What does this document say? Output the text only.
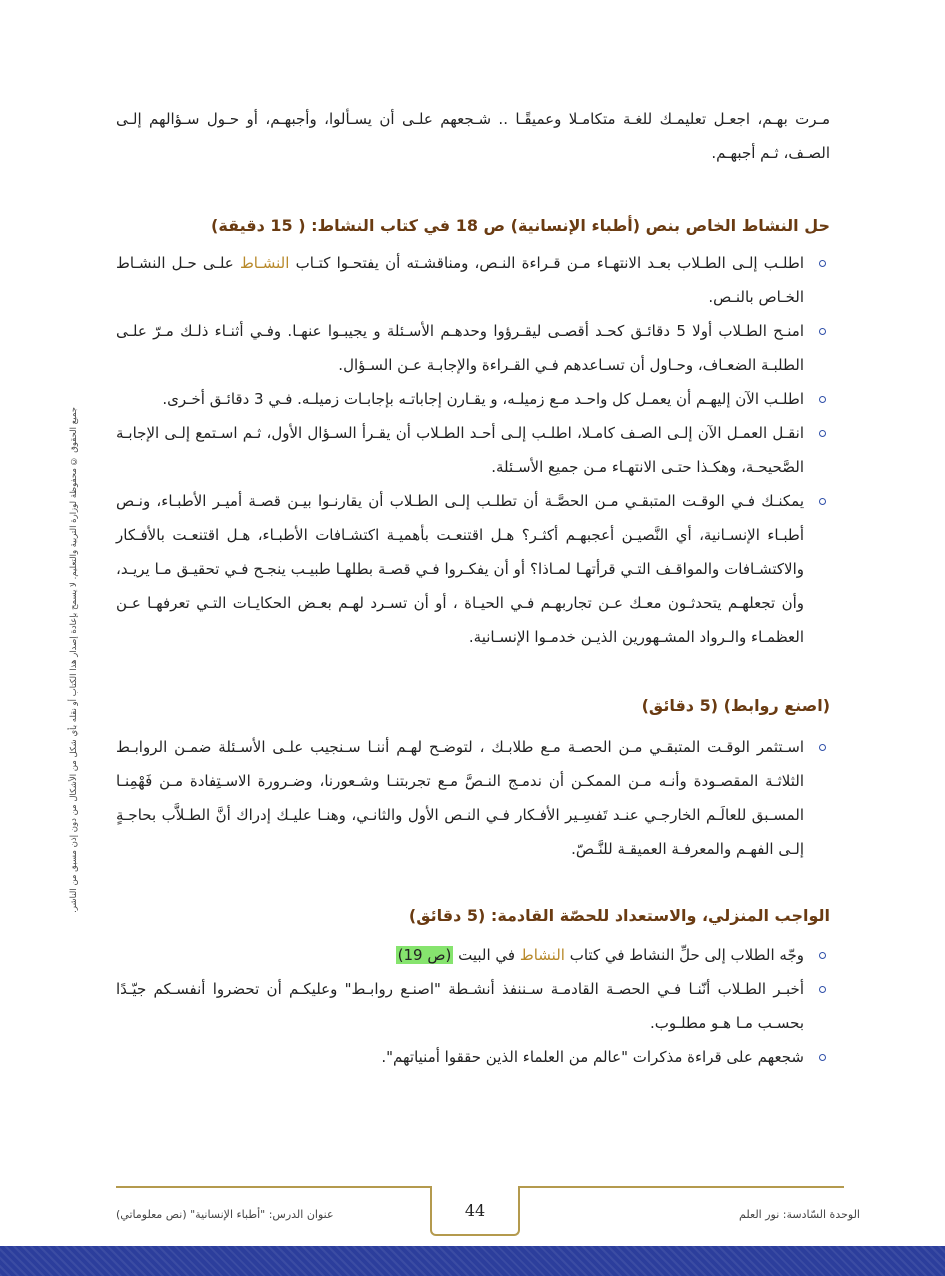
جميع الحقوق © محفوظة لوزارة التربية والتعليم. لا يسمح بإعادة إصدار هذا الكتاب أو نقله بأي شكل من الأشكال من دون إذن مسبق من الناشر.

مـرت بهـم، اجعـل تعليمـك للغـة متكامـلا وعميقًـا .. شـجعهم علـى أن يسـألوا، وأجبهـم، أو حـول سـؤالهم إلـى الصـف، ثـم أجبهـم.

حل النشاط الخاص بنص (أطباء الإنسانية) ص 18 في كتاب النشاط: ( 15 دقيقة)
اطلـب إلـى الطـلاب بعـد الانتهـاء مـن قـراءة النـص، ومناقشـته أن يفتحـوا كتـاب النشـاط علـى حـل النشـاط الخـاص بالنـص.
امنـح الطـلاب أولا 5 دقائـق كحـد أقصـى ليقـرؤوا وحدهـم الأسـئلة و يجيبـوا عنهـا. وفـي أثنـاء ذلـك مـرّ علـى الطلبـة الضعـاف، وحـاول أن تسـاعدهم فـي القـراءة والإجابـة عـن السـؤال.
اطلـب الآن إليهـم أن يعمـل كل واحـد مـع زميلـه، و يقـارن إجاباتـه بإجابـات زميلـه. فـي 3 دقائـق أخـرى.
انقـل العمـل الآن إلـى الصـف كامـلا، اطلـب إلـى أحـد الطـلاب أن يقـرأ السـؤال الأول، ثـم اسـتمع إلـى الإجابـة الصَّحيحـة، وهكـذا حتـى الانتهـاء مـن جميع الأسـئلة.
يمكنـك فـي الوقـت المتبقـي مـن الحصَّـة أن تطلـب إلـى الطـلاب أن يقارنـوا بيـن قصـة أميـر الأطبـاء، ونـص أطبـاء الإنسـانية، أي النَّصيـن أعجبهـم أكثـر؟ هـل اقتنعـت بأهميـة اكتشـافات الأطبـاء، هـل اقتنعـت بالأفـكار والاكتشـافات والمواقـف التـي قرأتهـا لمـاذا؟ أو أن يفكـروا فـي قصـة بطلهـا طبيـب ينجـح فـي تحقيـق مـا يريـد، وأن تجعلهـم يتحدثـون معـك عـن تجاربهـم فـي الحيـاة ، أو أن تسـرد لهـم بعـض الحكايـات التـي تعرفهـا عـن العظمـاء والـرواد المشـهورين الذيـن خدمـوا الإنسـانية.
(اصنع روابط) (5 دقائق)
اسـتثمر الوقـت المتبقـي مـن الحصـة مـع طلابـك ، لتوضـح لهـم أننـا سـنجيب علـى الأسـئلة ضمـن الروابـط الثلاثـة المقصـودة وأنـه مـن الممكـن أن ندمـج النـصَّ مـع تجربتنـا وشـعورنا، وضـرورة الاسـتِفادة مـن فَهْمِنـا المسـبق للعالَـم الخارجـي عنـد تَفسِـير الأفـكار فـي النـص الأول والثانـي، وهنـا عليـك إدراك أنَّ الطـلاَّب بحاجـةٍ إلـى الفهـم والمعرفـة العميقـة للنَّـصّ.
الواجب المنزلي، والاستعداد للحصّة القادمة: (5 دقائق)
وجّه الطلاب إلى حلِّ النشاط في كتاب النشاط في البيت (ص 19)
أخبـر الطـلاب أنّنـا فـي الحصـة القادمـة سـننفذ أنشـطة "اصنـع روابـط" وعليكـم أن تحضروا أنفسـكم جيّـدًا بحسـب مـا هـو مطلـوب.
شجعهم على قراءة مذكرات "عالم من العلماء الذين حققوا أمنياتهم".
44
عنوان الدرس: "أطباء الإنسانية" (نص معلوماتي)	الوحدة السّادسة: نور العلم
